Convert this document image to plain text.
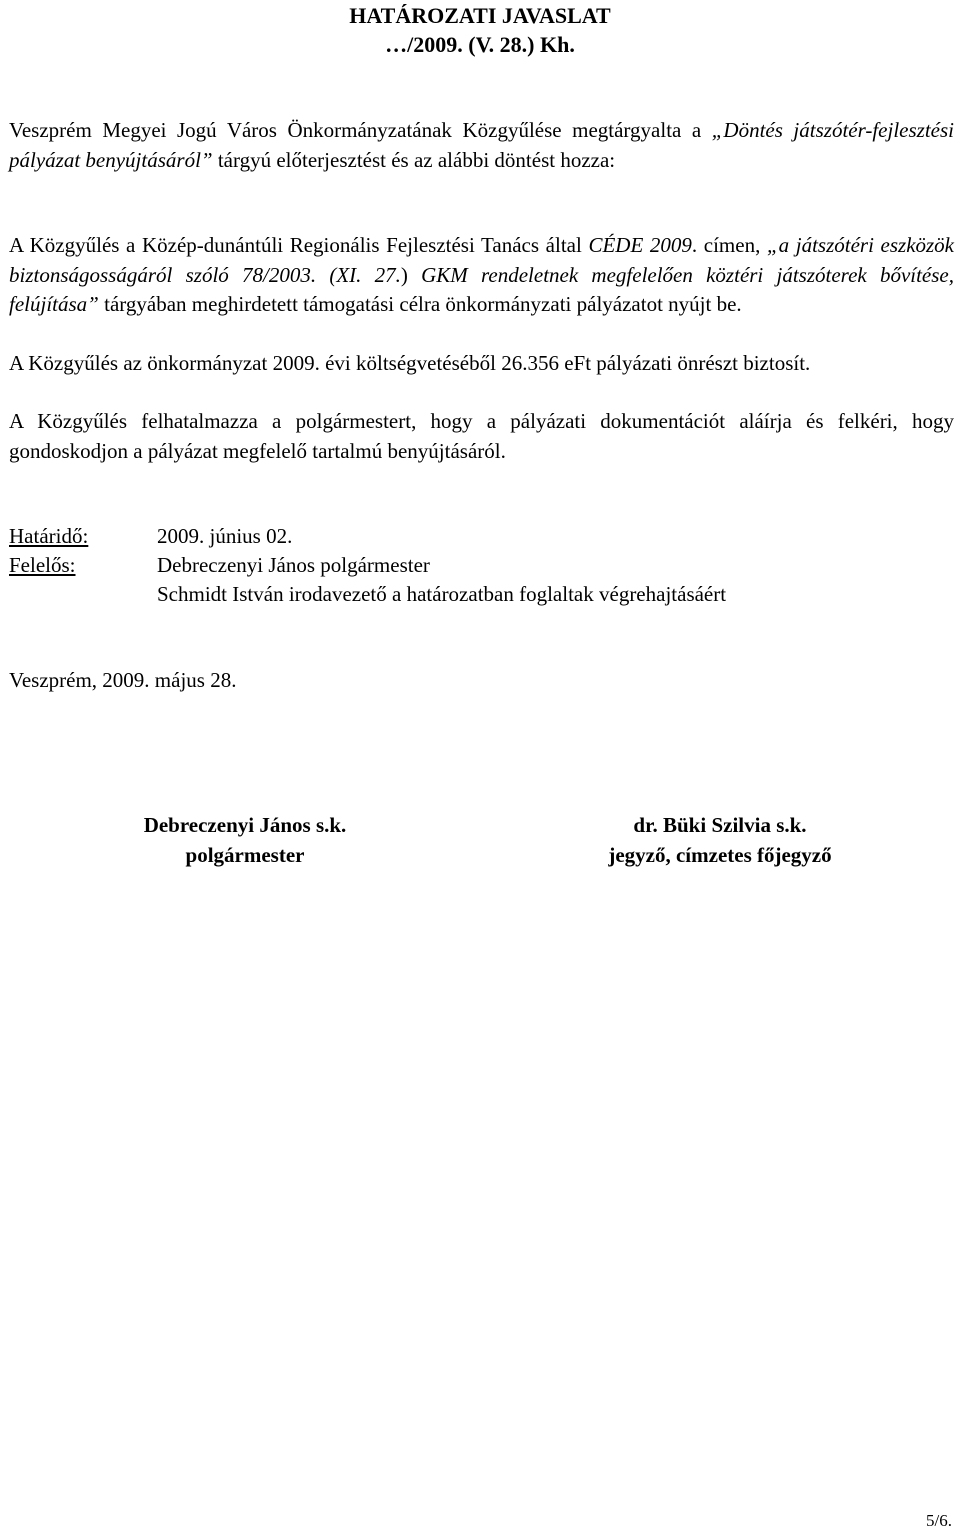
HATÁROZATI JAVASLAT
…/2009. (V. 28.) Kh.
Veszprém Megyei Jogú Város Önkormányzatának Közgyűlése megtárgyalta a „Döntés játszótér-fejlesztési pályázat benyújtásáról” tárgyú előterjesztést és az alábbi döntést hozza:
A Közgyűlés a Közép-dunántúli Regionális Fejlesztési Tanács által CÉDE 2009. címen, „a játszótéri eszközök biztonságosságáról szóló 78/2003. (XI. 27.) GKM rendeletnek megfelelően köztéri játszóterek bővítése, felújítása” tárgyában meghirdetett támogatási célra önkormányzati pályázatot nyújt be.
A Közgyűlés az önkormányzat 2009. évi költségvetéséből 26.356 eFt pályázati önrészt biztosít.
A Közgyűlés felhatalmazza a polgármestert, hogy a pályázati dokumentációt aláírja és felkéri, hogy gondoskodjon a pályázat megfelelő tartalmú benyújtásáról.
Határidő:	2009. június 02.
Felelős:	Debreczenyi János polgármester
Schmidt István irodavezető a határozatban foglaltak végrehajtásáért
Veszprém, 2009. május 28.
Debreczenyi János s.k.
polgármester
dr. Büki Szilvia s.k.
jegyző, címzetes főjegyző
5/6.
